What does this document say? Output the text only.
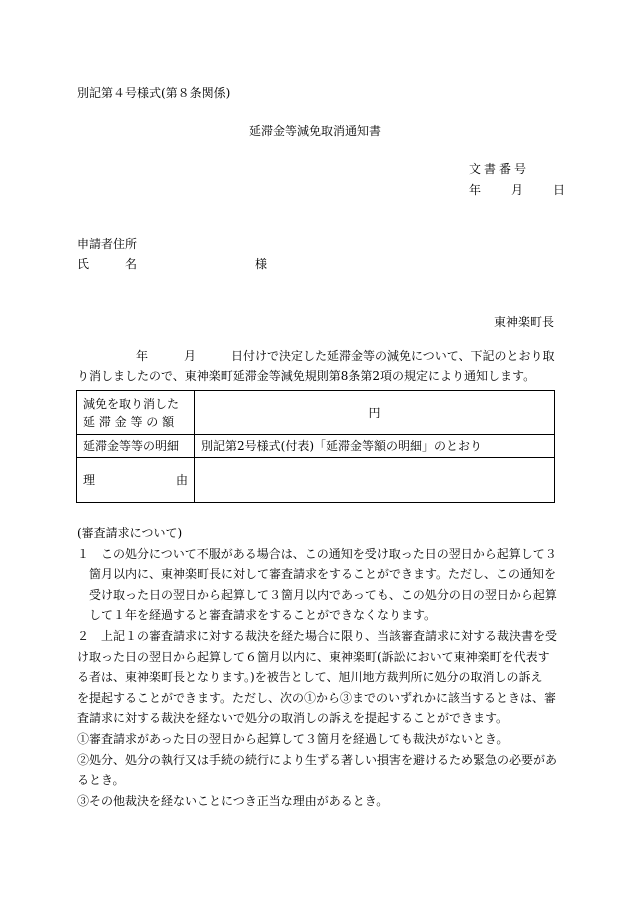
別記第４号様式(第８条関係)
延滞金等減免取消通知書
文書番号
年	月	日
申請者住所
氏	名	様
東神楽町長
年	月	日付けで決定した延滞金等の減免について、下記のとおり取
り消しましたので、東神楽町延滞金等減免規則第8条第2項の規定により通知します。
減免を取り消した
延 滞 金 等 の 額	円
延滞金等等の明細	別記第2号様式(付表)「延滞金等額の明細」のとおり

理 由	

(審査請求について)
１　この処分について不服がある場合は、この通知を受け取った日の翌日から起算して３
箇月以内に、東神楽町長に対して審査請求をすることができます。ただし、この通知を
受け取った日の翌日から起算して３箇月以内であっても、この処分の日の翌日から起算
して１年を経過すると審査請求をすることができなくなります。
２　上記１の審査請求に対する裁決を経た場合に限り、当該審査請求に対する裁決書を受
け取った日の翌日から起算して６箇月以内に、東神楽町(訴訟において東神楽町を代表す
る者は、東神楽町長となります。)を被告として、旭川地方裁判所に処分の取消しの訴え
を提起することができます。ただし、次の①から③までのいずれかに該当するときは、審
査請求に対する裁決を経ないで処分の取消しの訴えを提起することができます。
①審査請求があった日の翌日から起算して３箇月を経過しても裁決がないとき。
②処分、処分の執行又は手続の続行により生ずる著しい損害を避けるため緊急の必要があ
るとき。
③その他裁決を経ないことにつき正当な理由があるとき。
